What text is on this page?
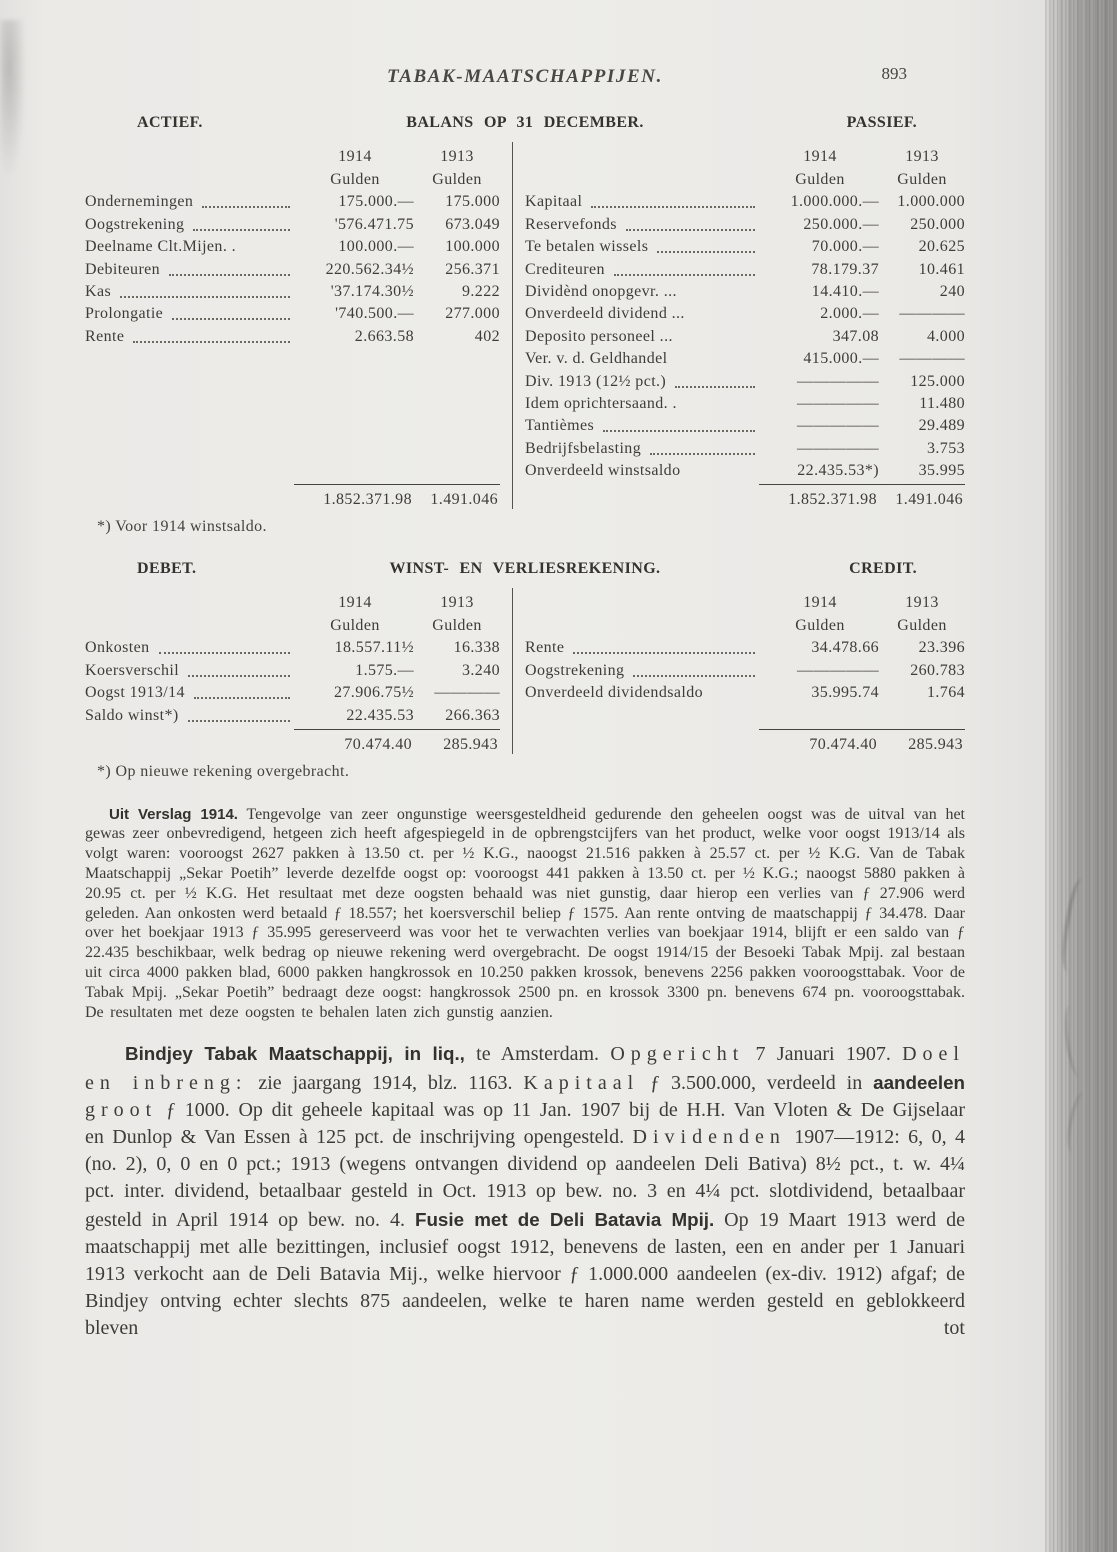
TABAK-MAATSCHAPPIJEN.	893
ACTIEF.	BALANS OP 31 DECEMBER.	PASSIEF.
1914	1913
Gulden	Gulden
Ondernemingen	175.000.—	175.000
Oogstrekening	'576.471.75	673.049
Deelname Clt.Mijen. .	100.000.—	100.000
Debiteuren	220.562.34½	256.371
Kas	'37.174.30½	9.222
Prolongatie	'740.500.—	277.000
Rente	2.663.58	402
1.852.371.98	1.491.046
1914	1913
Gulden	Gulden
Kapitaal	1.000.000.—	1.000.000
Reservefonds	250.000.—	250.000
Te betalen wissels	70.000.—	20.625
Crediteuren	78.179.37	10.461
Dividènd onopgevr. ...	14.410.—	240
Onverdeeld dividend ...	2.000.—	————
Deposito personeel ...	347.08	4.000
Ver. v. d. Geldhandel	415.000.—	————
Div. 1913 (12½ pct.)	—————	125.000
Idem oprichtersaand. .	—————	11.480
Tantièmes	—————	29.489
Bedrijfsbelasting	—————	3.753
Onverdeeld winstsaldo	22.435.53*)	35.995
1.852.371.98	1.491.046
*) Voor 1914 winstsaldo.
DEBET.	WINST- EN VERLIESREKENING.	CREDIT.
1914	1913
Gulden	Gulden
Onkosten	18.557.11½	16.338
Koersverschil	1.575.—	3.240
Oogst 1913/14	27.906.75½	————
Saldo winst*)	22.435.53	266.363
70.474.40	285.943
1914	1913
Gulden	Gulden
Rente	34.478.66	23.396
Oogstrekening	—————	260.783
Onverdeeld dividendsaldo	35.995.74	1.764
70.474.40	285.943
*) Op nieuwe rekening overgebracht.

Uit Verslag 1914. Tengevolge van zeer ongunstige weersgesteldheid gedurende den geheelen oogst was de uitval van het gewas zeer onbevredigend, hetgeen zich heeft afgespiegeld in de opbrengstcijfers van het product, welke voor oogst 1913/14 als volgt waren: vooroogst 2627 pakken à 13.50 ct. per ½ K.G., naoogst 21.516 pakken à 25.57 ct. per ½ K.G. Van de Tabak Maatschappij „Sekar Poetih” leverde dezelfde oogst op: vooroogst 441 pakken à 13.50 ct. per ½ K.G.; naoogst 5880 pakken à 20.95 ct. per ½ K.G. Het resultaat met deze oogsten behaald was niet gunstig, daar hierop een verlies van ƒ 27.906 werd geleden. Aan onkosten werd betaald ƒ 18.557; het koersverschil beliep ƒ 1575. Aan rente ontving de maatschappij ƒ 34.478. Daar over het boekjaar 1913 ƒ 35.995 gereserveerd was voor het te verwachten verlies van boekjaar 1914, blijft er een saldo van ƒ 22.435 beschikbaar, welk bedrag op nieuwe rekening werd overgebracht. De oogst 1914/15 der Besoeki Tabak Mpij. zal bestaan uit circa 4000 pakken blad, 6000 pakken hangkrossok en 10.250 pakken krossok, benevens 2256 pakken vooroogsttabak. Voor de Tabak Mpij. „Sekar Poetih” bedraagt deze oogst: hangkrossok 2500 pn. en krossok 3300 pn. benevens 674 pn. vooroogsttabak. De resultaten met deze oogsten te behalen laten zich gunstig aanzien.

Bindjey Tabak Maatschappij, in liq., te Amsterdam. Opgericht 7 Januari 1907. Doel en inbreng: zie jaargang 1914, blz. 1163. Kapitaal ƒ 3.500.000, verdeeld in aandeelen groot ƒ 1000. Op dit geheele kapitaal was op 11 Jan. 1907 bij de H.H. Van Vloten & De Gijselaar en Dunlop & Van Essen à 125 pct. de inschrijving opengesteld. Dividenden 1907—1912: 6, 0, 4 (no. 2), 0, 0 en 0 pct.; 1913 (wegens ontvangen dividend op aandeelen Deli Bativa) 8½ pct., t. w. 4¼ pct. inter. dividend, betaalbaar gesteld in Oct. 1913 op bew. no. 3 en 4¼ pct. slotdividend, betaalbaar gesteld in April 1914 op bew. no. 4. Fusie met de Deli Batavia Mpij. Op 19 Maart 1913 werd de maatschappij met alle bezittingen, inclusief oogst 1912, benevens de lasten, een en ander per 1 Januari 1913 verkocht aan de Deli Batavia Mij., welke hiervoor ƒ 1.000.000 aandeelen (ex-div. 1912) afgaf; de Bindjey ontving echter slechts 875 aandeelen, welke te haren name werden gesteld en geblokkeerd bleven tot
